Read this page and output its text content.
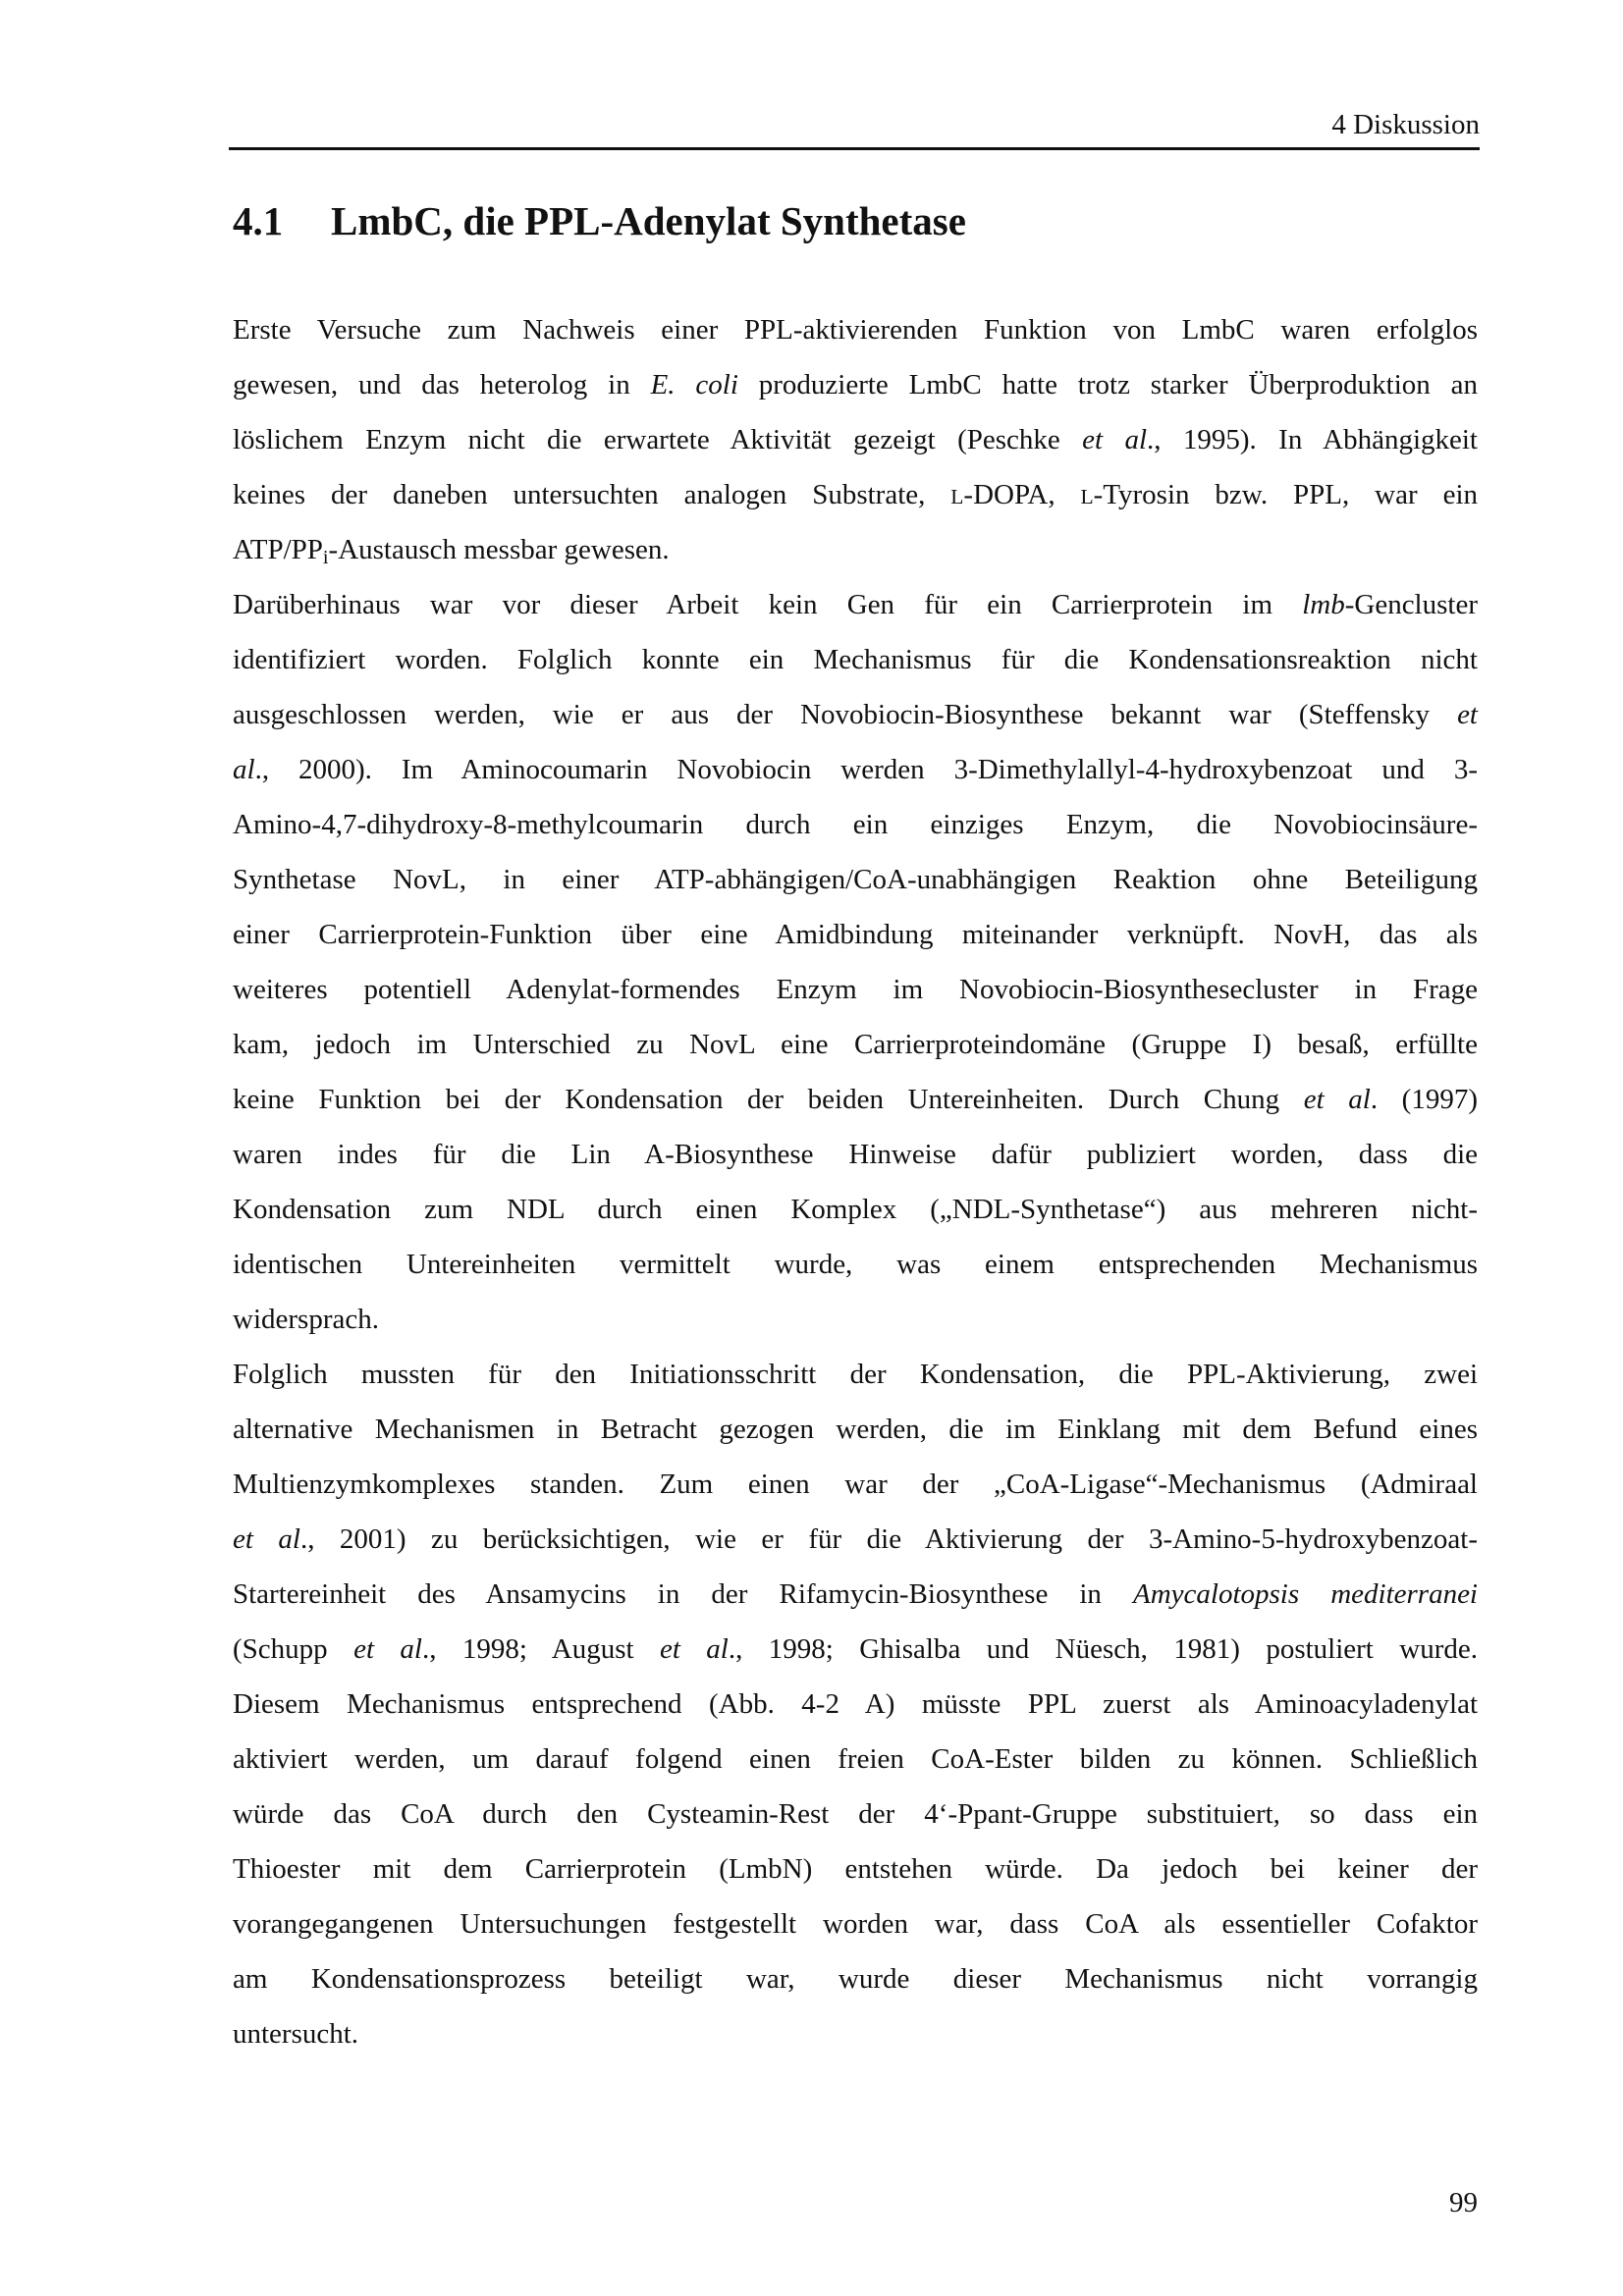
4 Diskussion
4.1 LmbC, die PPL-Adenylat Synthetase
Erste Versuche zum Nachweis einer PPL-aktivierenden Funktion von LmbC waren erfolglos
gewesen, und das heterolog in E. coli produzierte LmbC hatte trotz starker Überproduktion an
löslichem Enzym nicht die erwartete Aktivität gezeigt (Peschke et al., 1995). In Abhängigkeit
keines der daneben untersuchten analogen Substrate, L-DOPA, L-Tyrosin bzw. PPL, war ein
ATP/$PP_i$-Austausch messbar gewesen.
Darüberhinaus war vor dieser Arbeit kein Gen für ein Carrierprotein im lmb-Gencluster
identifiziert worden. Folglich konnte ein Mechanismus für die Kondensationsreaktion nicht
ausgeschlossen werden, wie er aus der Novobiocin-Biosynthese bekannt war (Steffensky et
al., 2000). Im Aminocoumarin Novobiocin werden 3-Dimethylallyl-4-hydroxybenzoat und 3-
Amino-4,7-dihydroxy-8-methylcoumarin durch ein einziges Enzym, die Novobiocinsäure-
Synthetase NovL, in einer ATP-abhängigen/CoA-unabhängigen Reaktion ohne Beteiligung
einer Carrierprotein-Funktion über eine Amidbindung miteinander verknüpft. NovH, das als
weiteres potentiell Adenylat-formendes Enzym im Novobiocin-Biosynthesecluster in Frage
kam, jedoch im Unterschied zu NovL eine Carrierproteindomäne (Gruppe I) besaß, erfüllte
keine Funktion bei der Kondensation der beiden Untereinheiten. Durch Chung et al. (1997)
waren indes für die Lin A-Biosynthese Hinweise dafür publiziert worden, dass die
Kondensation zum NDL durch einen Komplex („NDL-Synthetase“) aus mehreren nicht-
identischen Untereinheiten vermittelt wurde, was einem entsprechenden Mechanismus
widersprach.
Folglich mussten für den Initiationsschritt der Kondensation, die PPL-Aktivierung, zwei
alternative Mechanismen in Betracht gezogen werden, die im Einklang mit dem Befund eines
Multienzymkomplexes standen. Zum einen war der „CoA-Ligase“-Mechanismus (Admiraal
et al., 2001) zu berücksichtigen, wie er für die Aktivierung der 3-Amino-5-hydroxybenzoat-
Startereinheit des Ansamycins in der Rifamycin-Biosynthese in Amycalotopsis mediterranei
(Schupp et al., 1998; August et al., 1998; Ghisalba und Nüesch, 1981) postuliert wurde.
Diesem Mechanismus entsprechend (Abb. 4-2 A) müsste PPL zuerst als Aminoacyladenylat
aktiviert werden, um darauf folgend einen freien CoA-Ester bilden zu können. Schließlich
würde das CoA durch den Cysteamin-Rest der 4‘-Ppant-Gruppe substituiert, so dass ein
Thioester mit dem Carrierprotein (LmbN) entstehen würde. Da jedoch bei keiner der
vorangegangenen Untersuchungen festgestellt worden war, dass CoA als essentieller Cofaktor
am Kondensationsprozess beteiligt war, wurde dieser Mechanismus nicht vorrangig
untersucht.
99
